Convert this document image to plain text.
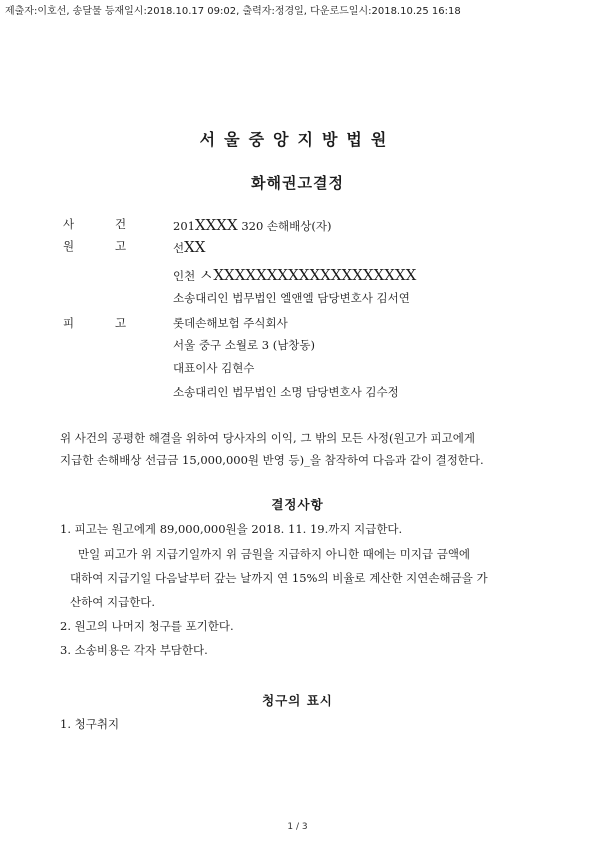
제출자:이호선, 송달물 등재일시:2018.10.17 09:02, 출력자:정경일, 다운로드일시:2018.10.25 16:18
서울중앙지방법원
화해권고결정
사	건	201XXXX 320 손해배상(자)
원	고	선XX
인천 ㅅXXXXXXXXXXXXXXXXXXX
소송대리인 법무법인 엘앤엘 담당변호사 김서연
피	고	롯데손해보험 주식회사
서울 중구 소월로 3 (남창동)
대표이사 김현수
소송대리인 법무법인 소명 담당변호사 김수정
위 사건의 공평한 해결을 위하여 당사자의 이익, 그 밖의 모든 사정(원고가 피고에게
지급한 손해배상 선급금 15,000,000원 반영 등)_을 참작하여 다음과 같이 결정한다.
결정사항
1. 피고는 원고에게 89,000,000원을 2018. 11. 19.까지 지급한다.
만일 피고가 위 지급기일까지 위 금원을 지급하지 아니한 때에는 미지급 금액에
대하여 지급기일 다음날부터 갚는 날까지 연 15%의 비율로 계산한 지연손해금을 가
산하여 지급한다.
2. 원고의 나머지 청구를 포기한다.
3. 소송비용은 각자 부담한다.
청구의 표시
1. 청구취지
1 / 3
